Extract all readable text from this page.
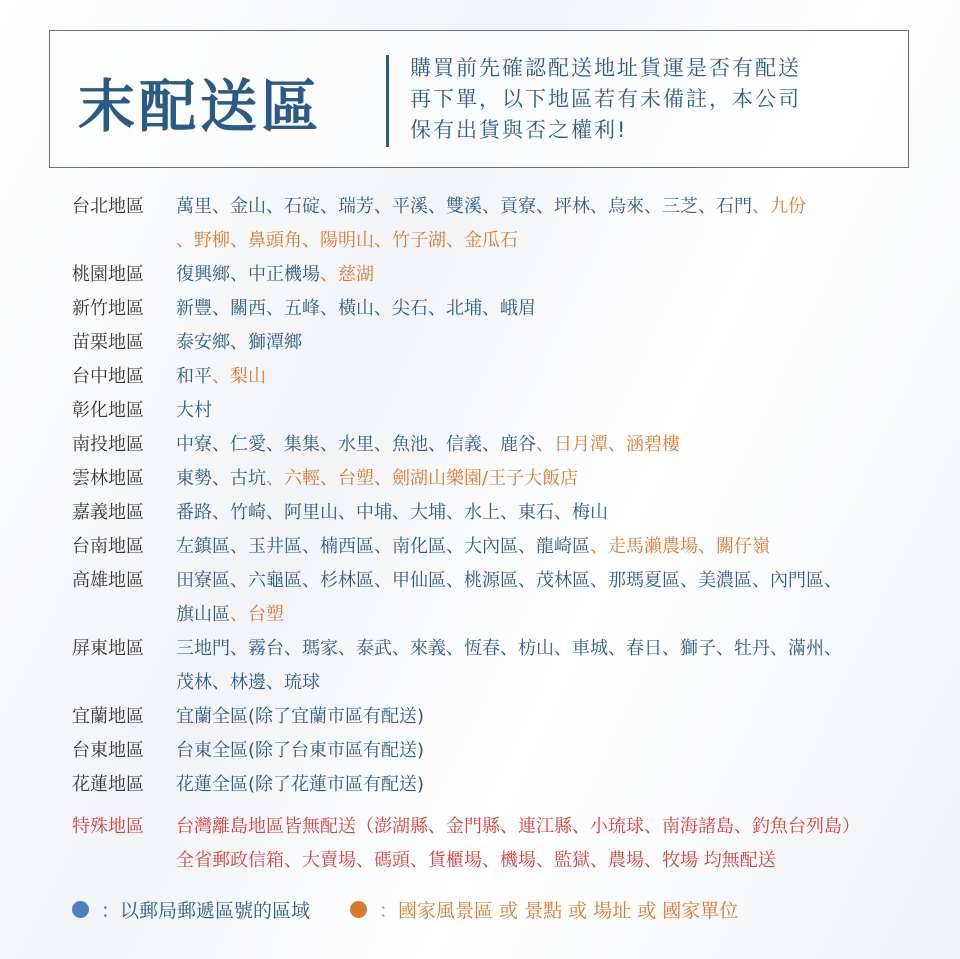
末配送區
購買前先確認配送地址貨運是否有配送
再下單，以下地區若有未備註，本公司
保有出貨與否之權利!
台北地區	萬里、金山、石碇、瑞芳、平溪、雙溪、貢寮、坪林、烏來、三芝、石門、九份
、野柳、鼻頭角、陽明山、竹子湖、金瓜石
桃園地區	復興鄉、中正機場、慈湖
新竹地區	新豐、關西、五峰、橫山、尖石、北埔、峨眉
苗栗地區	泰安鄉、獅潭鄉
台中地區	和平、梨山
彰化地區	大村
南投地區	中寮、仁愛、集集、水里、魚池、信義、鹿谷、日月潭、涵碧樓
雲林地區	東勢、古坑、六輕、台塑、劍湖山樂園/王子大飯店
嘉義地區	番路、竹崎、阿里山、中埔、大埔、水上、東石、梅山
台南地區	左鎮區、玉井區、楠西區、南化區、大內區、龍崎區、走馬瀨農場、關仔嶺
高雄地區	田寮區、六龜區、杉林區、甲仙區、桃源區、茂林區、那瑪夏區、美濃區、內門區、
旗山區、台塑
屏東地區	三地門、霧台、瑪家、泰武、來義、恆春、枋山、車城、春日、獅子、牡丹、滿州、
茂林、林邊、琉球
宜蘭地區	宜蘭全區(除了宜蘭市區有配送)
台東地區	台東全區(除了台東市區有配送)
花蓮地區	花蓮全區(除了花蓮市區有配送)
特殊地區	台灣離島地區皆無配送（澎湖縣、金門縣、連江縣、小琉球、南海諸島、釣魚台列島）
全省郵政信箱、大賣場、碼頭、貨櫃場、機場、監獄、農場、牧場 均無配送
：以郵局郵遞區號的區域	：國家風景區 或 景點 或 場址 或 國家單位
